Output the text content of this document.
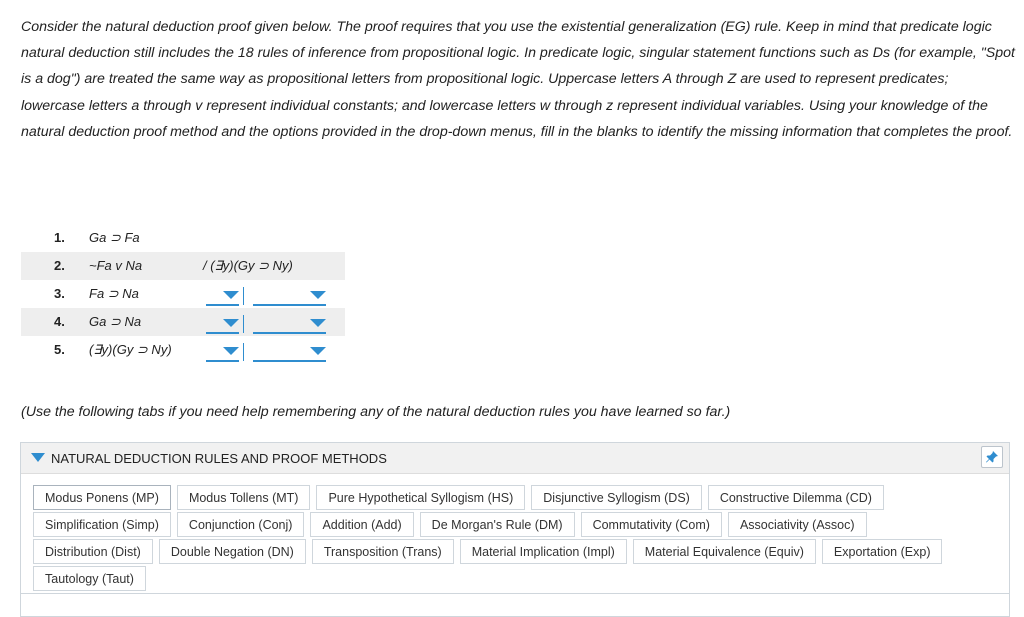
Consider the natural deduction proof given below. The proof requires that you use the existential generalization (EG) rule. Keep in mind that predicate logic natural deduction still includes the 18 rules of inference from propositional logic. In predicate logic, singular statement functions such as Ds (for example, "Spot is a dog") are treated the same way as propositional letters from propositional logic. Uppercase letters A through Z are used to represent predicates; lowercase letters a through v represent individual constants; and lowercase letters w through z represent individual variables. Using your knowledge of the natural deduction proof method and the options provided in the drop-down menus, fill in the blanks to identify the missing information that completes the proof.

1. Ga ⊃ Fa
2. ~Fa v Na	/ (∃y)(Gy ⊃ Ny)
3. Fa ⊃ Na
4. Ga ⊃ Na
5. (∃y)(Gy ⊃ Ny)

(Use the following tabs if you need help remembering any of the natural deduction rules you have learned so far.)

NATURAL DEDUCTION RULES AND PROOF METHODS
Modus Ponens (MP)	Modus Tollens (MT)	Pure Hypothetical Syllogism (HS)	Disjunctive Syllogism (DS)	Constructive Dilemma (CD)
Simplification (Simp)	Conjunction (Conj)	Addition (Add)	De Morgan's Rule (DM)	Commutativity (Com)	Associativity (Assoc)
Distribution (Dist)	Double Negation (DN)	Transposition (Trans)	Material Implication (Impl)	Material Equivalence (Equiv)	Exportation (Exp)
Tautology (Taut)
